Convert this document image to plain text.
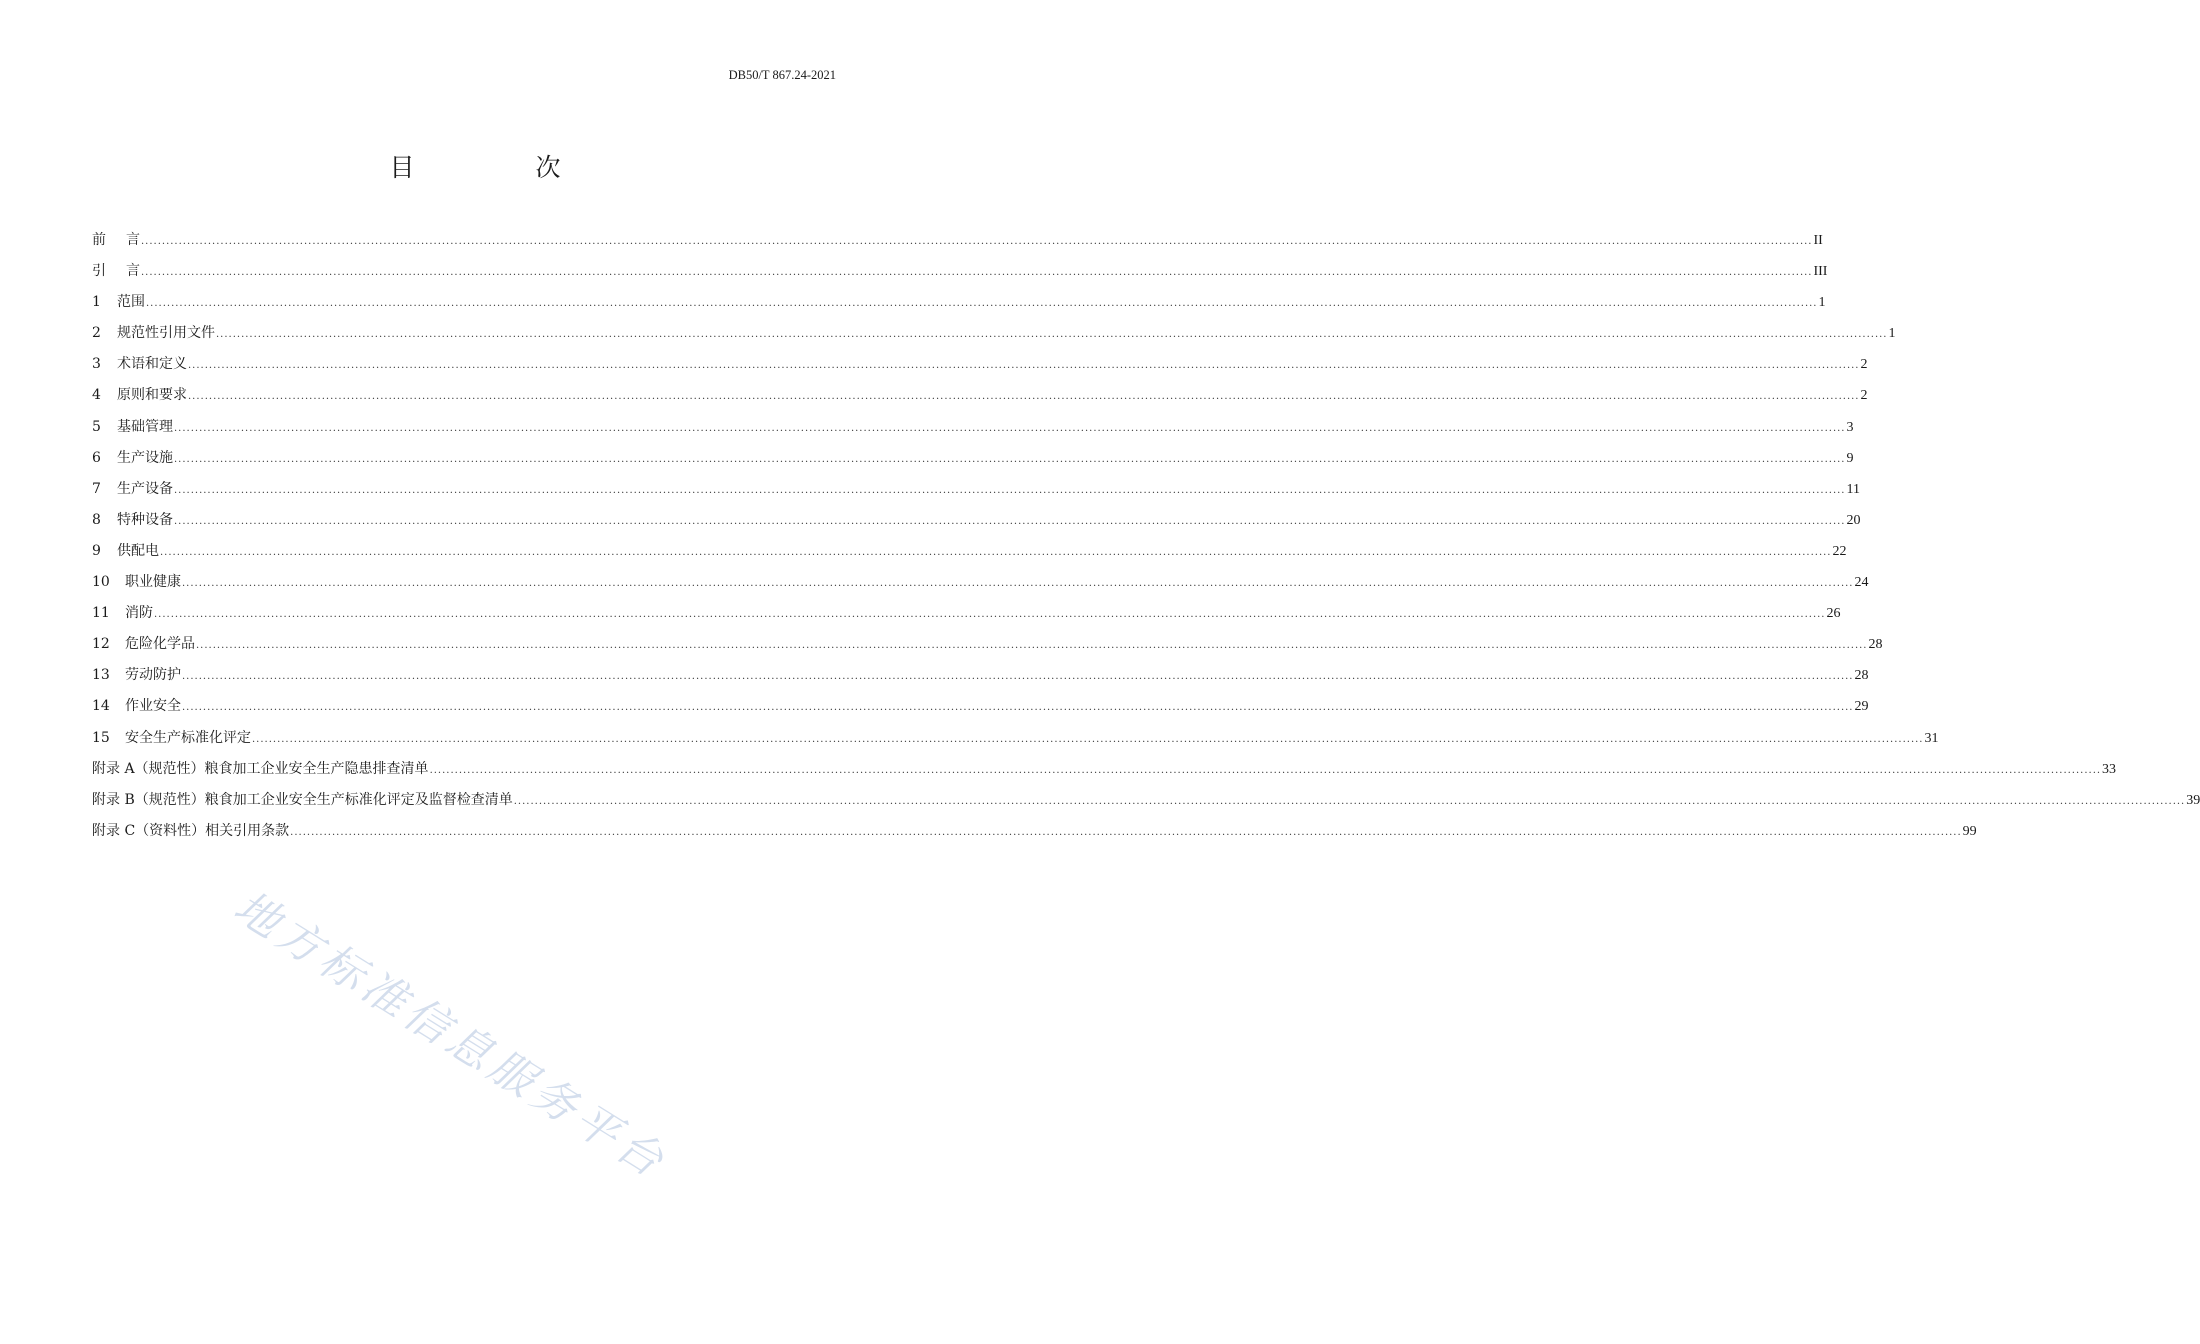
DB50/T 867.24-2021
目　次
前 言 ................................................................................................................................................................................................................................................................................................................................................................................................................ II
引 言 ................................................................................................................................................................................................................................................................................................................................................................................................................ III
1	范围 ................................................................................................................................................................................................................................................................................................................................................................................................................ 1
2	规范性引用文件 ................................................................................................................................................................................................................................................................................................................................................................................................................ 1
3	术语和定义 ................................................................................................................................................................................................................................................................................................................................................................................................................ 2
4	原则和要求 ................................................................................................................................................................................................................................................................................................................................................................................................................ 2
5	基础管理 ................................................................................................................................................................................................................................................................................................................................................................................................................ 3
6	生产设施 ................................................................................................................................................................................................................................................................................................................................................................................................................ 9
7	生产设备 ................................................................................................................................................................................................................................................................................................................................................................................................................ 11
8	特种设备 ................................................................................................................................................................................................................................................................................................................................................................................................................ 20
9	供配电 ................................................................................................................................................................................................................................................................................................................................................................................................................ 22
10	职业健康 ................................................................................................................................................................................................................................................................................................................................................................................................................ 24
11	消防 ................................................................................................................................................................................................................................................................................................................................................................................................................ 26
12	危险化学品 ................................................................................................................................................................................................................................................................................................................................................................................................................ 28
13	劳动防护 ................................................................................................................................................................................................................................................................................................................................................................................................................ 28
14	作业安全 ................................................................................................................................................................................................................................................................................................................................................................................................................ 29
15	安全生产标准化评定 ................................................................................................................................................................................................................................................................................................................................................................................................................ 31
附录 A（规范性）粮食加工企业安全生产隐患排查清单 ................................................................................................................................................................................................................................................................................................................................................................................................................ 33
附录 B（规范性）粮食加工企业安全生产标准化评定及监督检查清单 ................................................................................................................................................................................................................................................................................................................................................................................................................ 39
附录 C（资料性）相关引用条款 ................................................................................................................................................................................................................................................................................................................................................................................................................ 99
地方标准信息服务平台
